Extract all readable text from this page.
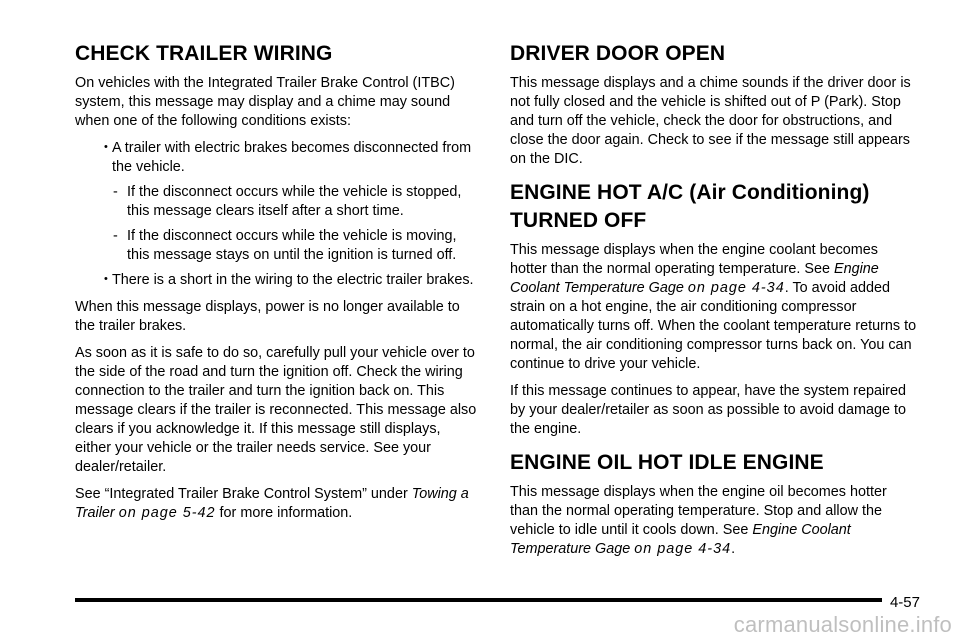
CHECK TRAILER WIRING

On vehicles with the Integrated Trailer Brake Control (ITBC) system, this message may display and a chime may sound when one of the following conditions exists:

• A trailer with electric brakes becomes disconnected from the vehicle.
- If the disconnect occurs while the vehicle is stopped, this message clears itself after a short time.
- If the disconnect occurs while the vehicle is moving, this message stays on until the ignition is turned off.
• There is a short in the wiring to the electric trailer brakes.

When this message displays, power is no longer available to the trailer brakes.

As soon as it is safe to do so, carefully pull your vehicle over to the side of the road and turn the ignition off. Check the wiring connection to the trailer and turn the ignition back on. This message clears if the trailer is reconnected. This message also clears if you acknowledge it. If this message still displays, either your vehicle or the trailer needs service. See your dealer/retailer.

See “Integrated Trailer Brake Control System” under Towing a Trailer on page 5-42 for more information.

DRIVER DOOR OPEN

This message displays and a chime sounds if the driver door is not fully closed and the vehicle is shifted out of P (Park). Stop and turn off the vehicle, check the door for obstructions, and close the door again. Check to see if the message still appears on the DIC.

ENGINE HOT A/C (Air Conditioning)
TURNED OFF

This message displays when the engine coolant becomes hotter than the normal operating temperature. See Engine Coolant Temperature Gage on page 4-34. To avoid added strain on a hot engine, the air conditioning compressor automatically turns off. When the coolant temperature returns to normal, the air conditioning compressor turns back on. You can continue to drive your vehicle.

If this message continues to appear, have the system repaired by your dealer/retailer as soon as possible to avoid damage to the engine.

ENGINE OIL HOT IDLE ENGINE

This message displays when the engine oil becomes hotter than the normal operating temperature. Stop and allow the vehicle to idle until it cools down. See Engine Coolant Temperature Gage on page 4-34.

4-57
carmanualsonline.info
